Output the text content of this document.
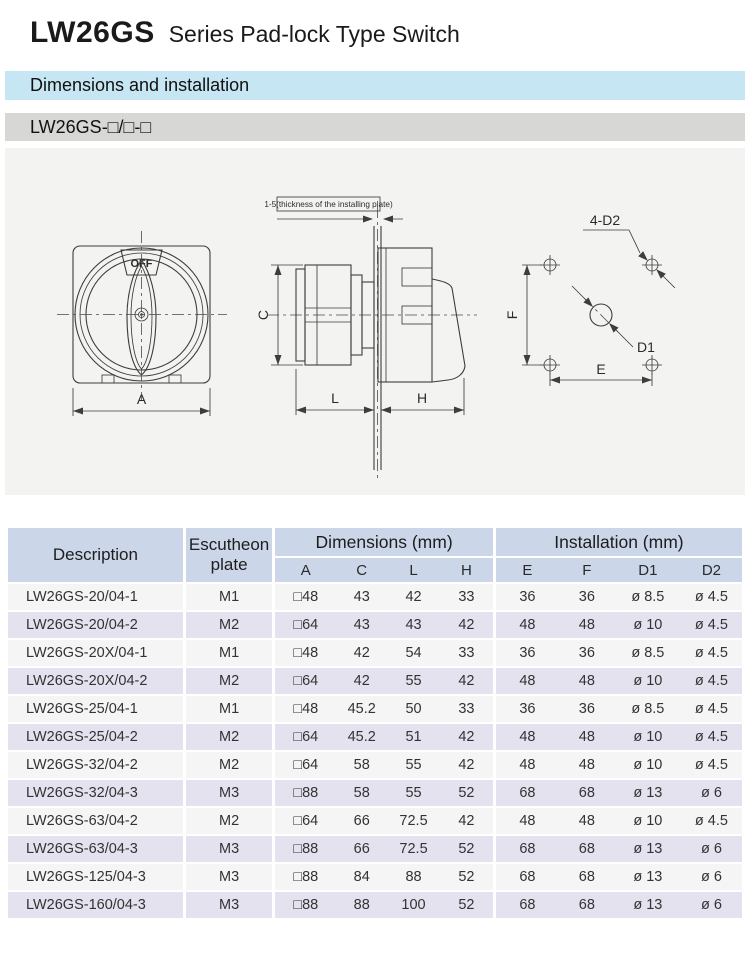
LW26GS Series Pad-lock Type Switch
Dimensions and installation
LW26GS-□/□-□
OFF
A
1-5(thickness of the installing plate)
C
L	H
D1
4-D2
F
E
Description	Escutheon plate	Dimensions (mm)				Installation (mm)			
		A	C	L	H	E	F	D1	D2
LW26GS-20/04-1	M1	□48	43	42	33	36	36	ø 8.5	ø 4.5
LW26GS-20/04-2	M2	□64	43	43	42	48	48	ø 10	ø 4.5
LW26GS-20X/04-1	M1	□48	42	54	33	36	36	ø 8.5	ø 4.5
LW26GS-20X/04-2	M2	□64	42	55	42	48	48	ø 10	ø 4.5
LW26GS-25/04-1	M1	□48	45.2	50	33	36	36	ø 8.5	ø 4.5
LW26GS-25/04-2	M2	□64	45.2	51	42	48	48	ø 10	ø 4.5
LW26GS-32/04-2	M2	□64	58	55	42	48	48	ø 10	ø 4.5
LW26GS-32/04-3	M3	□88	58	55	52	68	68	ø 13	ø 6
LW26GS-63/04-2	M2	□64	66	72.5	42	48	48	ø 10	ø 4.5
LW26GS-63/04-3	M3	□88	66	72.5	52	68	68	ø 13	ø 6
LW26GS-125/04-3	M3	□88	84	88	52	68	68	ø 13	ø 6
LW26GS-160/04-3	M3	□88	88	100	52	68	68	ø 13	ø 6
